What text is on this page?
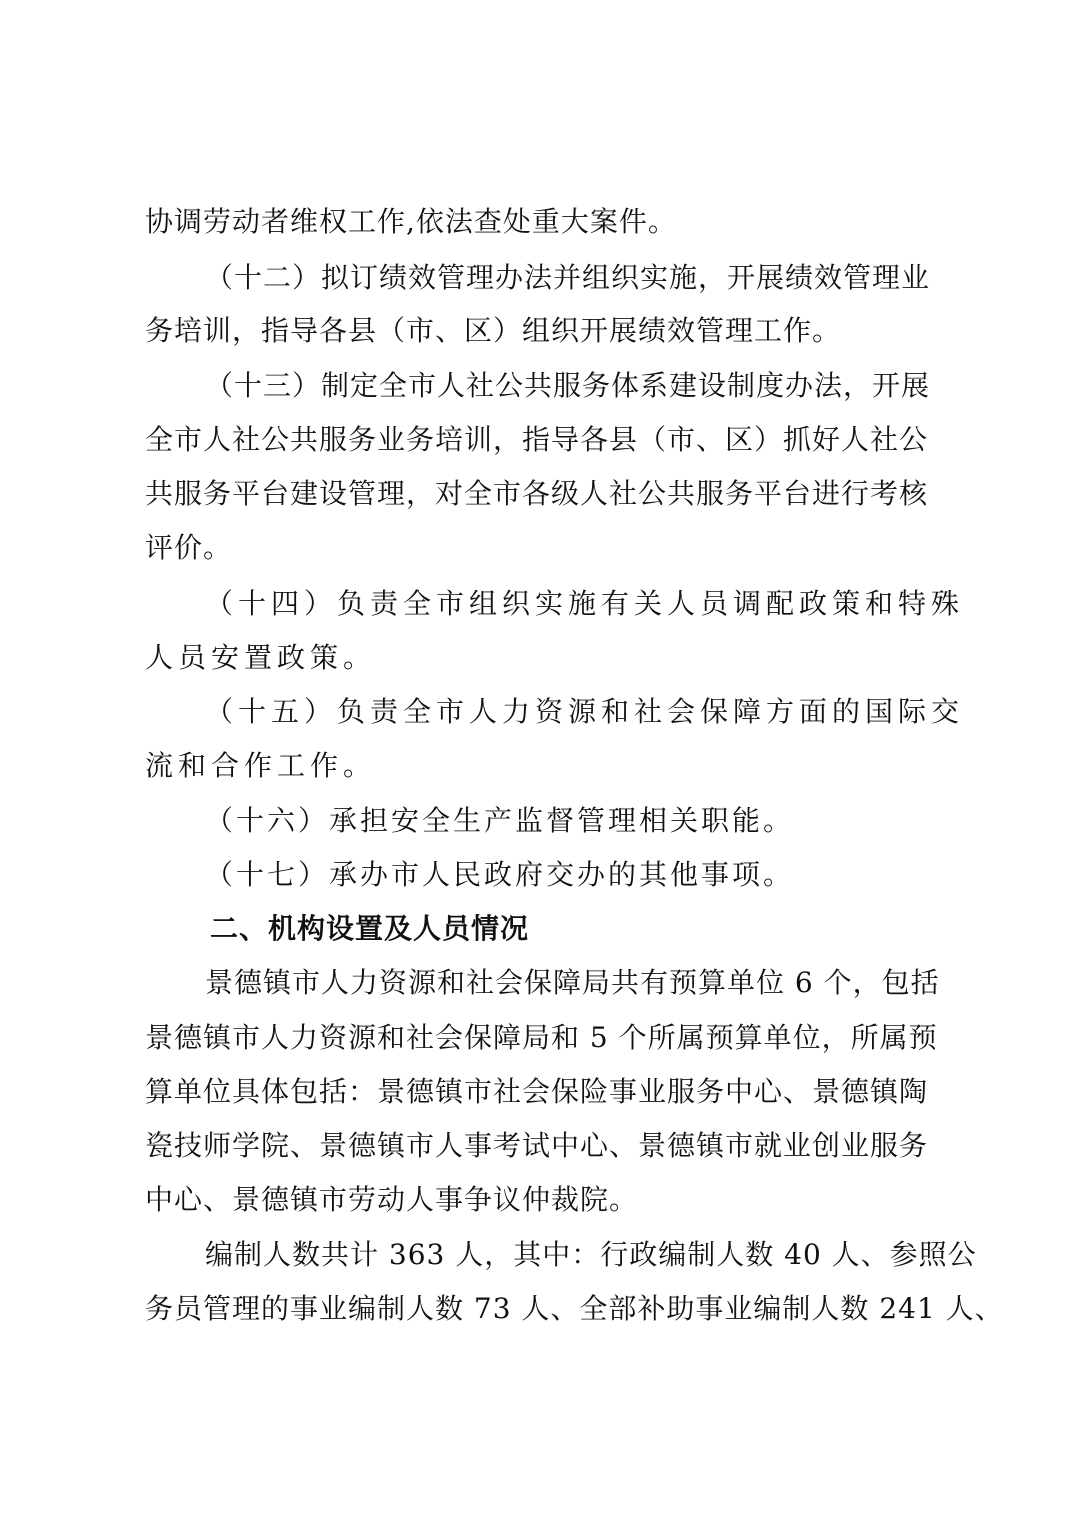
协调劳动者维权工作,依法查处重大案件。
（十二）拟订绩效管理办法并组织实施，开展绩效管理业
务培训，指导各县（市、区）组织开展绩效管理工作。
（十三）制定全市人社公共服务体系建设制度办法，开展
全市人社公共服务业务培训，指导各县（市、区）抓好人社公
共服务平台建设管理，对全市各级人社公共服务平台进行考核
评价。
（十四）负责全市组织实施有关人员调配政策和特殊
人员安置政策。
（十五）负责全市人力资源和社会保障方面的国际交
流和合作工作。
（十六）承担安全生产监督管理相关职能。
（十七）承办市人民政府交办的其他事项。
二、机构设置及人员情况
景德镇市人力资源和社会保障局共有预算单位 6 个，包括
景德镇市人力资源和社会保障局和 5 个所属预算单位，所属预
算单位具体包括：景德镇市社会保险事业服务中心、景德镇陶
瓷技师学院、景德镇市人事考试中心、景德镇市就业创业服务
中心、景德镇市劳动人事争议仲裁院。
编制人数共计 363 人，其中：行政编制人数 40 人、参照公
务员管理的事业编制人数 73 人、全部补助事业编制人数 241 人、
